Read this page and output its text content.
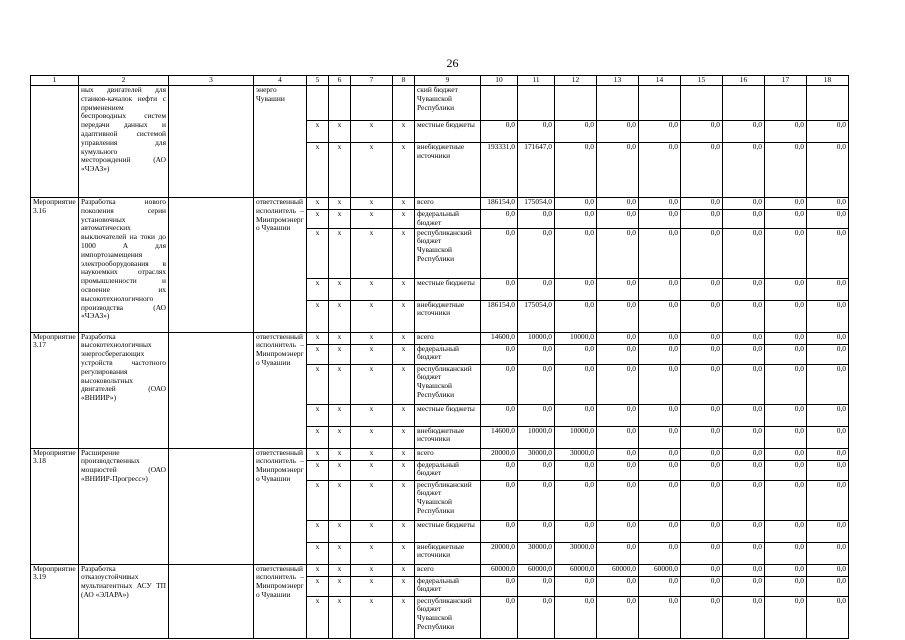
26
1	2	3	4	5	6	7	8	9	10	11	12	13	14	15	16	17	18
	ных двигателей для станков-качалок нефти с применением беспроводных систем передачи данных и адаптивной системой управления для кумульного месторождений (АО «ЧЭАЗ»)		энерго Чувашии					ский бюджет Чувашской Республики									
				x	x	x	x	местные бюджеты	0,0	0,0	0,0	0,0	0,0	0,0	0,0	0,0	0,0
				x	x	x	x	внебюджетные источники	193331,0	171647,0	0,0	0,0	0,0	0,0	0,0	0,0	0,0
Мероприятие 3.16	Разработка нового поколения серии установочных автоматических выключателей на токи до 1000 А для импортозамещения электрооборудования в наукоемких отраслях промышленности и освоение их высокотехнологичного производства (АО «ЧЭАЗ»)		ответственный исполнитель – Минпромэнерго Чувашии	x	x	x	x	всего	186154,0	175054,0	0,0	0,0	0,0	0,0	0,0	0,0	0,0
				x	x	x	x	федеральный бюджет	0,0	0,0	0,0	0,0	0,0	0,0	0,0	0,0	0,0
				x	x	x	x	республиканский бюджет Чувашской Республики	0,0	0,0	0,0	0,0	0,0	0,0	0,0	0,0	0,0
				x	x	x	x	местные бюджеты	0,0	0,0	0,0	0,0	0,0	0,0	0,0	0,0	0,0
				x	x	x	x	внебюджетные источники	186154,0	175054,0	0,0	0,0	0,0	0,0	0,0	0,0	0,0
Мероприятие 3.17	Разработка высокотехнологичных энергосберегающих устройств частотного регулирования высоковольтных двигателей (ОАО «ВНИИР»)		ответственный исполнитель – Минпромэнерго Чувашии	x	x	x	x	всего	14600,0	10000,0	10000,0	0,0	0,0	0,0	0,0	0,0	0,0
				x	x	x	x	федеральный бюджет	0,0	0,0	0,0	0,0	0,0	0,0	0,0	0,0	0,0
				x	x	x	x	республиканский бюджет Чувашской Республики	0,0	0,0	0,0	0,0	0,0	0,0	0,0	0,0	0,0
				x	x	x	x	местные бюджеты	0,0	0,0	0,0	0,0	0,0	0,0	0,0	0,0	0,0
				x	x	x	x	внебюджетные источники	14600,0	10000,0	10000,0	0,0	0,0	0,0	0,0	0,0	0,0
Мероприятие 3.18	Расширение производственных мощностей (ОАО «ВНИИР-Прогресс»)		ответственный исполнитель – Минпромэнерго Чувашии	x	x	x	x	всего	20000,0	30000,0	30000,0	0,0	0,0	0,0	0,0	0,0	0,0
				x	x	x	x	федеральный бюджет	0,0	0,0	0,0	0,0	0,0	0,0	0,0	0,0	0,0
				x	x	x	x	республиканский бюджет Чувашской Республики	0,0	0,0	0,0	0,0	0,0	0,0	0,0	0,0	0,0
				x	x	x	x	местные бюджеты	0,0	0,0	0,0	0,0	0,0	0,0	0,0	0,0	0,0
				x	x	x	x	внебюджетные источники	20000,0	30000,0	30000,0	0,0	0,0	0,0	0,0	0,0	0,0
Мероприятие 3.19	Разработка отказоустойчивых мультиагентных АСУ ТП (АО «ЭЛАРА»)		ответственный исполнитель – Минпромэнерго Чувашии	x	x	x	x	всего	60000,0	60000,0	60000,0	60000,0	60000,0	0,0	0,0	0,0	0,0
				x	x	x	x	федеральный бюджет	0,0	0,0	0,0	0,0	0,0	0,0	0,0	0,0	0,0
				x	x	x	x	республиканский бюджет Чувашской Республики	0,0	0,0	0,0	0,0	0,0	0,0	0,0	0,0	0,0
